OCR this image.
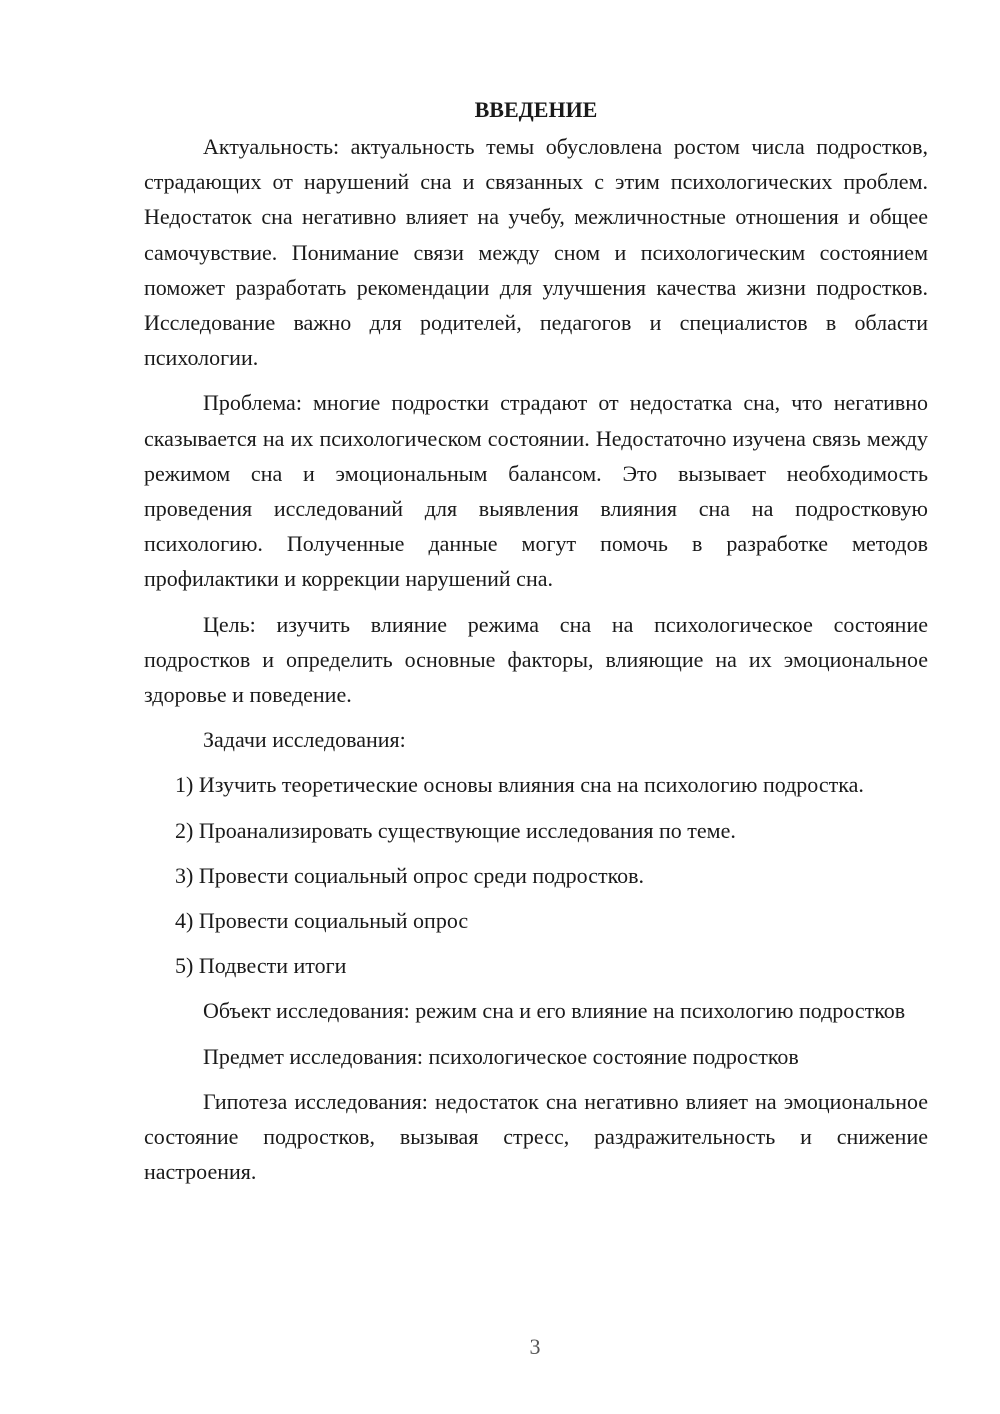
ВВЕДЕНИЕ

Актуальность: актуальность темы обусловлена ростом числа подростков, страдающих от нарушений сна и связанных с этим психологических проблем. Недостаток сна негативно влияет на учебу, межличностные отношения и общее самочувствие. Понимание связи между сном и психологическим состоянием поможет разработать рекомендации для улучшения качества жизни подростков. Исследование важно для родителей, педагогов и специалистов в области психологии.

Проблема: многие подростки страдают от недостатка сна, что негативно сказывается на их психологическом состоянии. Недостаточно изучена связь между режимом сна и эмоциональным балансом. Это вызывает необходимость проведения исследований для выявления влияния сна на подростковую психологию. Полученные данные могут помочь в разработке методов профилактики и коррекции нарушений сна.

Цель: изучить влияние режима сна на психологическое состояние подростков и определить основные факторы, влияющие на их эмоциональное здоровье и поведение.

Задачи исследования:

1) Изучить теоретические основы влияния сна на психологию подростка.

2) Проанализировать существующие исследования по теме.

3) Провести социальный опрос среди подростков.

4) Провести социальный опрос

5) Подвести итоги

Объект исследования: режим сна и его влияние на психологию подростков

Предмет исследования: психологическое состояние подростков

Гипотеза исследования: недостаток сна негативно влияет на эмоциональное состояние подростков, вызывая стресс, раздражительность и снижение настроения.

3
